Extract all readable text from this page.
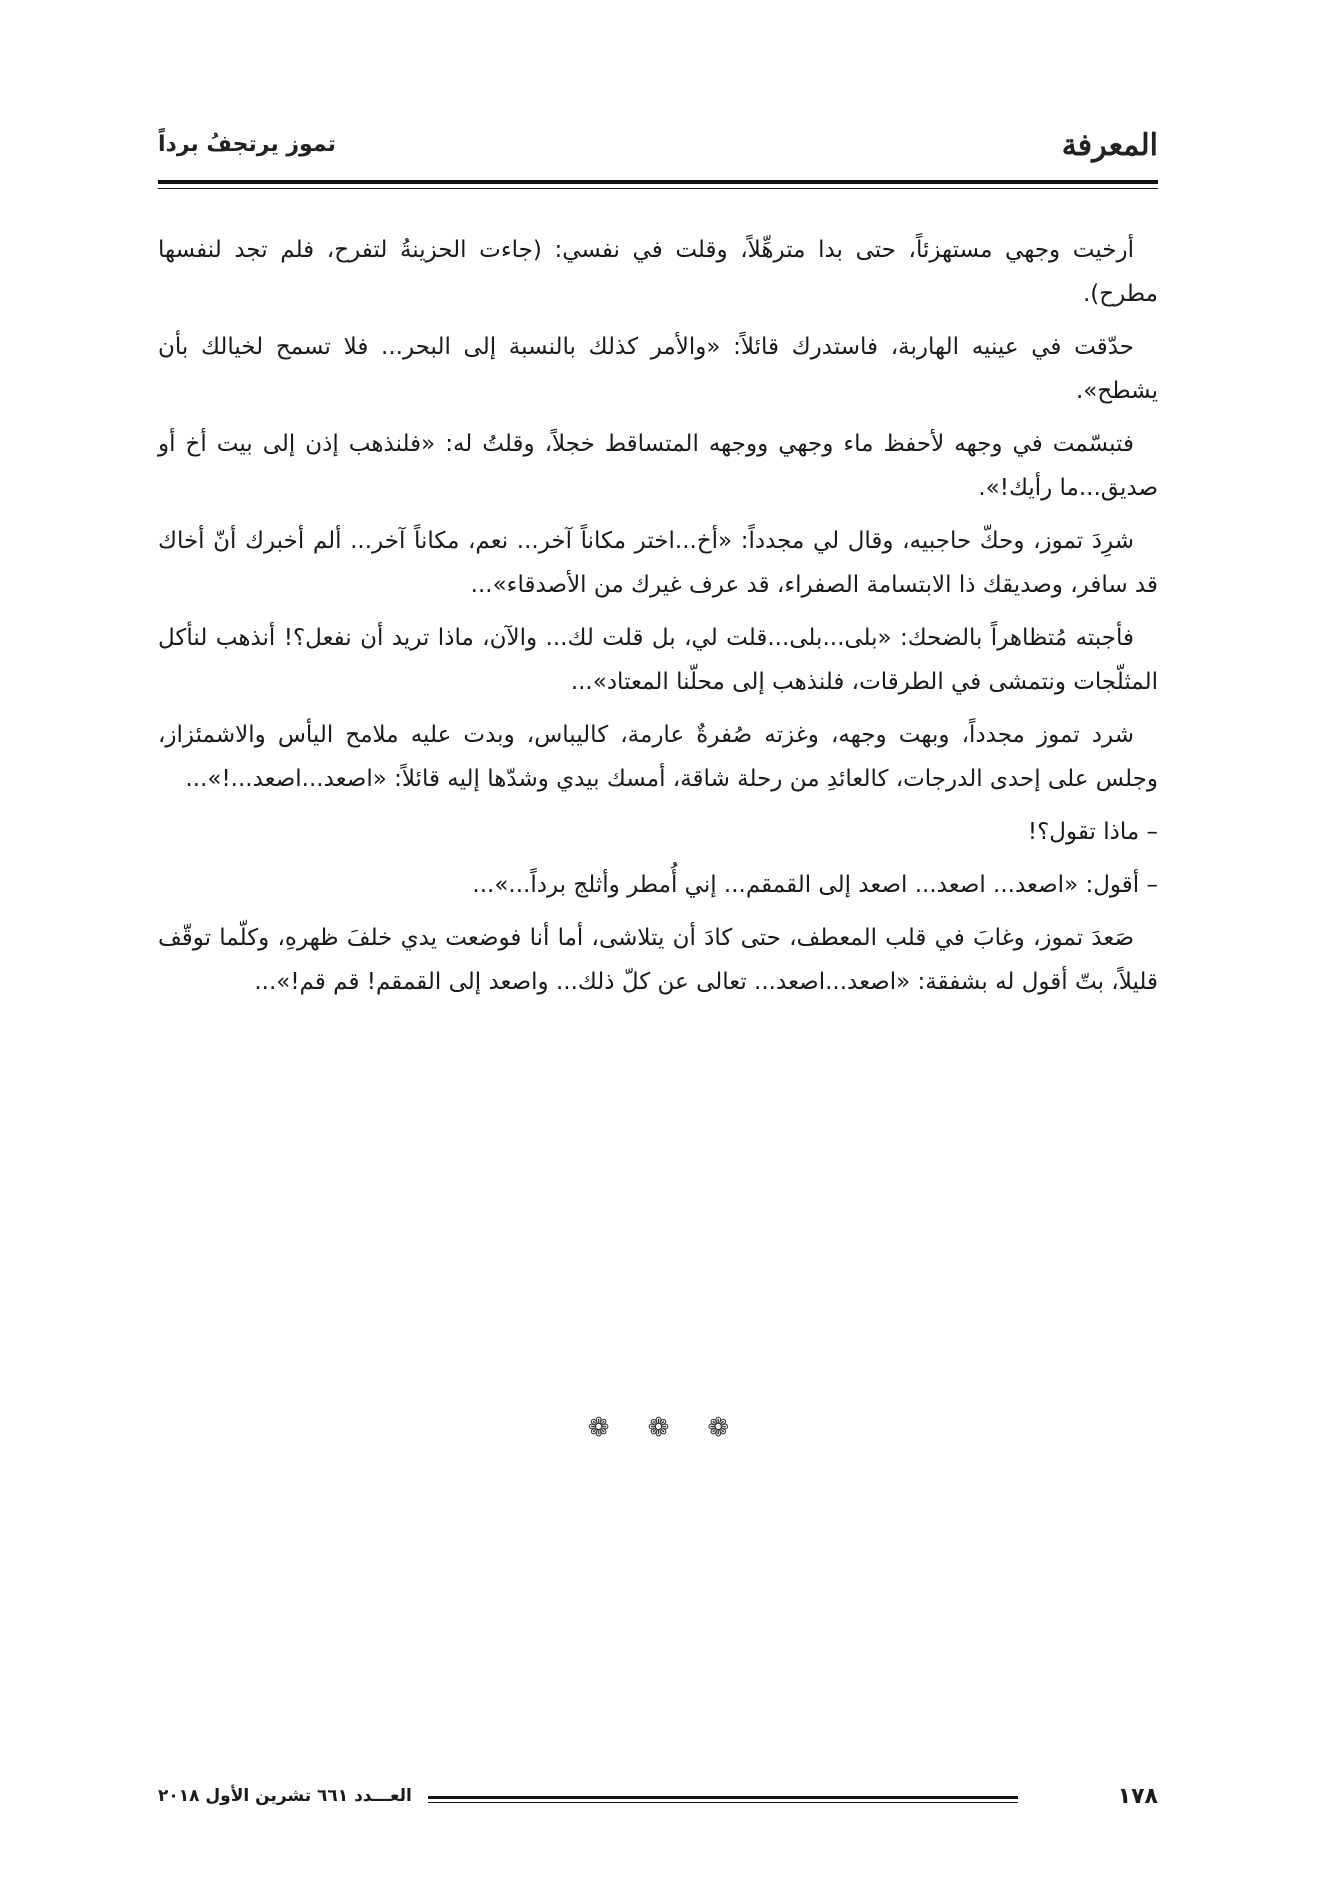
المعرفة
تموز يرتجفُ برداً

أرخيت وجهي مستهزئاً، حتى بدا مترهِّلاً، وقلت في نفسي: (جاءت الحزينةُ لتفرح، فلم تجد لنفسها مطرح).

حدّقت في عينيه الهاربة، فاستدرك قائلاً: «والأمر كذلك بالنسبة إلى البحر... فلا تسمح لخيالك بأن يشطح».

فتبسّمت في وجهه لأحفظ ماء وجهي ووجهه المتساقط خجلاً، وقلتُ له: «فلنذهب إذن إلى بيت أخ أو صديق...ما رأيك!».

شرِدَ تموز، وحكّ حاجبيه، وقال لي مجدداً: «أخ...اختر مكاناً آخر... نعم، مكاناً آخر... ألم أخبرك أنّ أخاك قد سافر، وصديقك ذا الابتسامة الصفراء، قد عرف غيرك من الأصدقاء»...

فأجبته مُتظاهراً بالضحك: «بلى...بلى...قلت لي، بل قلت لك... والآن، ماذا تريد أن نفعل؟! أنذهب لنأكل المثلّجات ونتمشى في الطرقات، فلنذهب إلى محلّنا المعتاد»...

شرد تموز مجدداً، وبهت وجهه، وغزته صُفرةٌ عارمة، كاليباس، وبدت عليه ملامح اليأس والاشمئزاز، وجلس على إحدى الدرجات، كالعائدِ من رحلة شاقة، أمسك بيدي وشدّها إليه قائلاً: «اصعد...اصعد...!»...

– ماذا تقول؟!

– أقول: «اصعد... اصعد... اصعد إلى القمقم... إني أُمطر وأثلج برداً...»...

صَعدَ تموز، وغابَ في قلب المعطف، حتى كادَ أن يتلاشى، أما أنا فوضعت يدي خلفَ ظهرهِ، وكلّما توقّف قليلاً، بتّ أقول له بشفقة: «اصعد...اصعد... تعالى عن كلّ ذلك... واصعد إلى القمقم! قم قم!»...

❁ ❁ ❁
١٧٨
العـــدد ٦٦١ تشرين الأول ٢٠١٨
